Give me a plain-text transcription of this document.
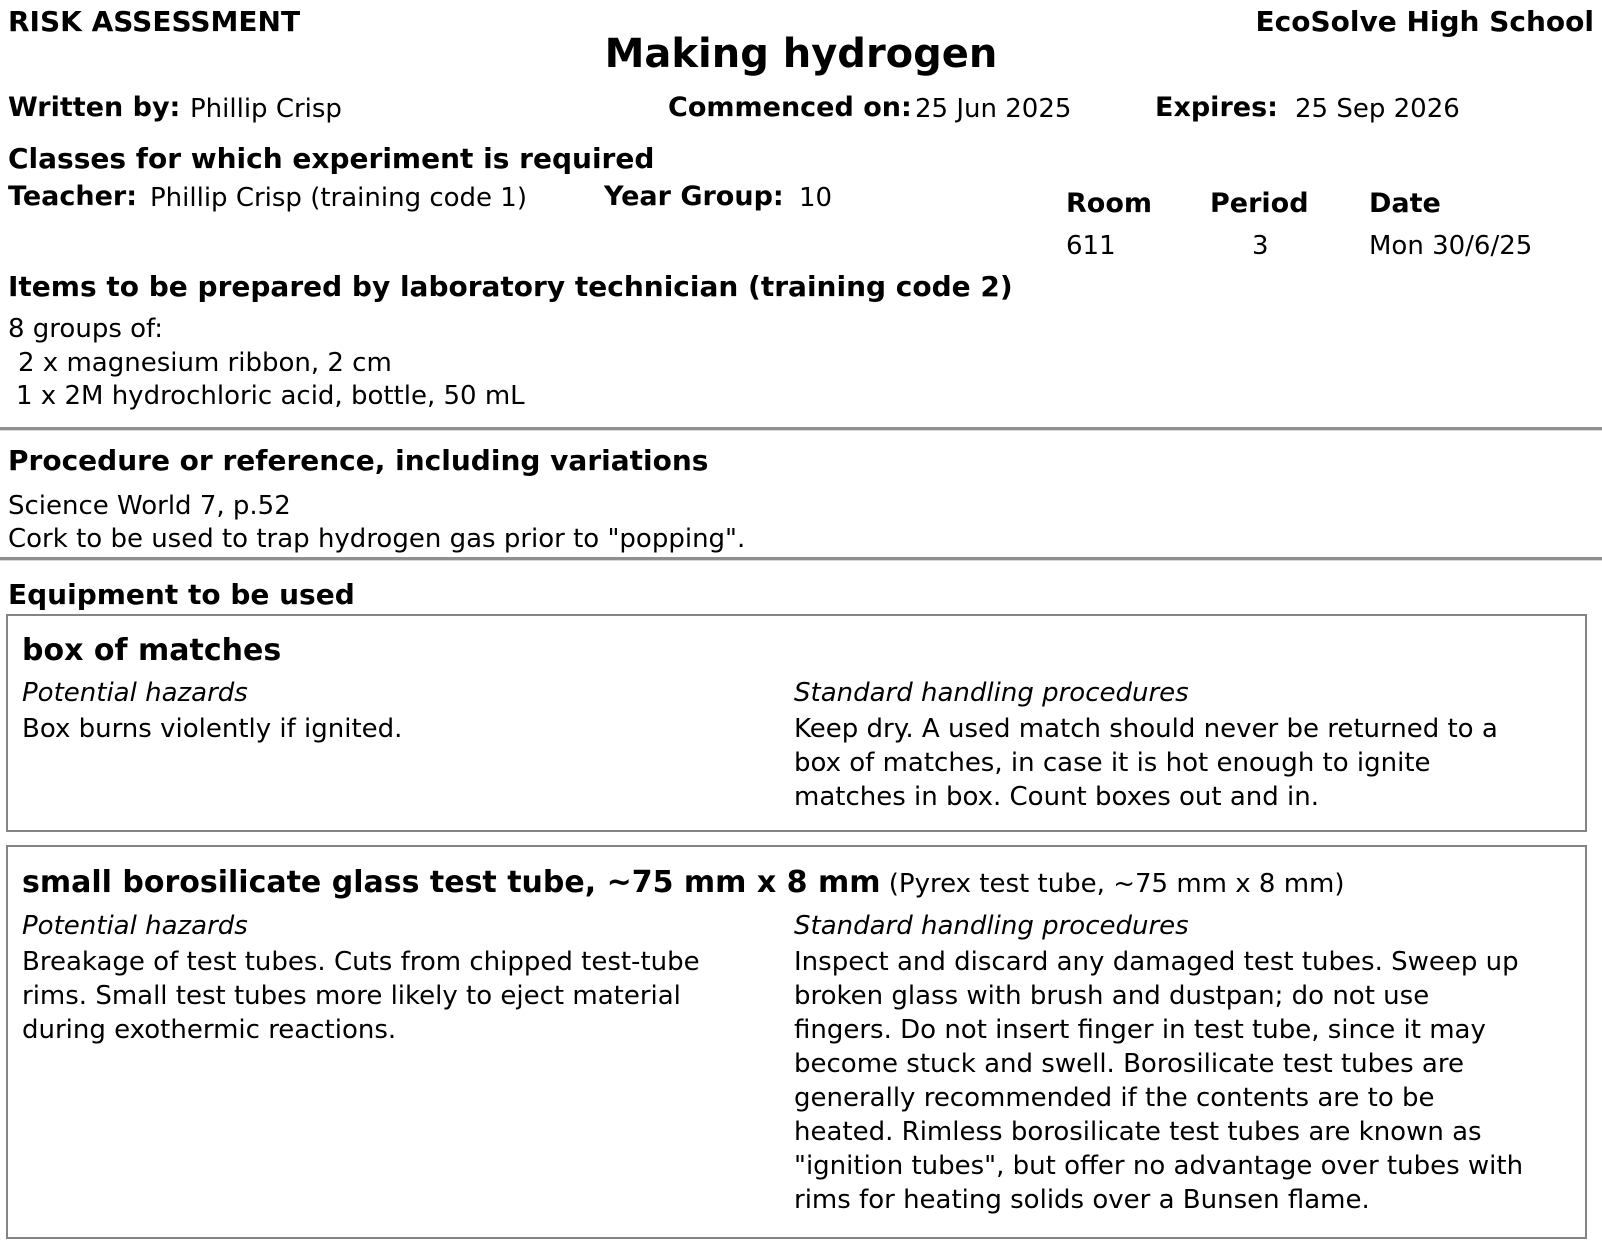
RISK ASSESSMENT	EcoSolve High School
Making hydrogen
Written by: Phillip Crisp	Commenced on: 25 Jun 2025	Expires: 25 Sep 2026
Classes for which experiment is required
Teacher: Phillip Crisp (training code 1)	Year Group: 10	Room Period Date
611	3	Mon 30/6/25
Items to be prepared by laboratory technician (training code 2)
8 groups of:
2 x magnesium ribbon, 2 cm
1 x 2M hydrochloric acid, bottle, 50 mL
Procedure or reference, including variations
Science World 7, p.52
Cork to be used to trap hydrogen gas prior to "popping".
Equipment to be used
box of matches
Potential hazards
Box burns violently if ignited.
Standard handling procedures
Keep dry. A used match should never be returned to a box of matches, in case it is hot enough to ignite matches in box. Count boxes out and in.
small borosilicate glass test tube, ~75 mm x 8 mm (Pyrex test tube, ~75 mm x 8 mm)
Potential hazards
Breakage of test tubes. Cuts from chipped test-tube rims. Small test tubes more likely to eject material during exothermic reactions.
Standard handling procedures
Inspect and discard any damaged test tubes. Sweep up broken glass with brush and dustpan; do not use fingers. Do not insert finger in test tube, since it may become stuck and swell. Borosilicate test tubes are generally recommended if the contents are to be heated. Rimless borosilicate test tubes are known as "ignition tubes", but offer no advantage over tubes with rims for heating solids over a Bunsen flame.
